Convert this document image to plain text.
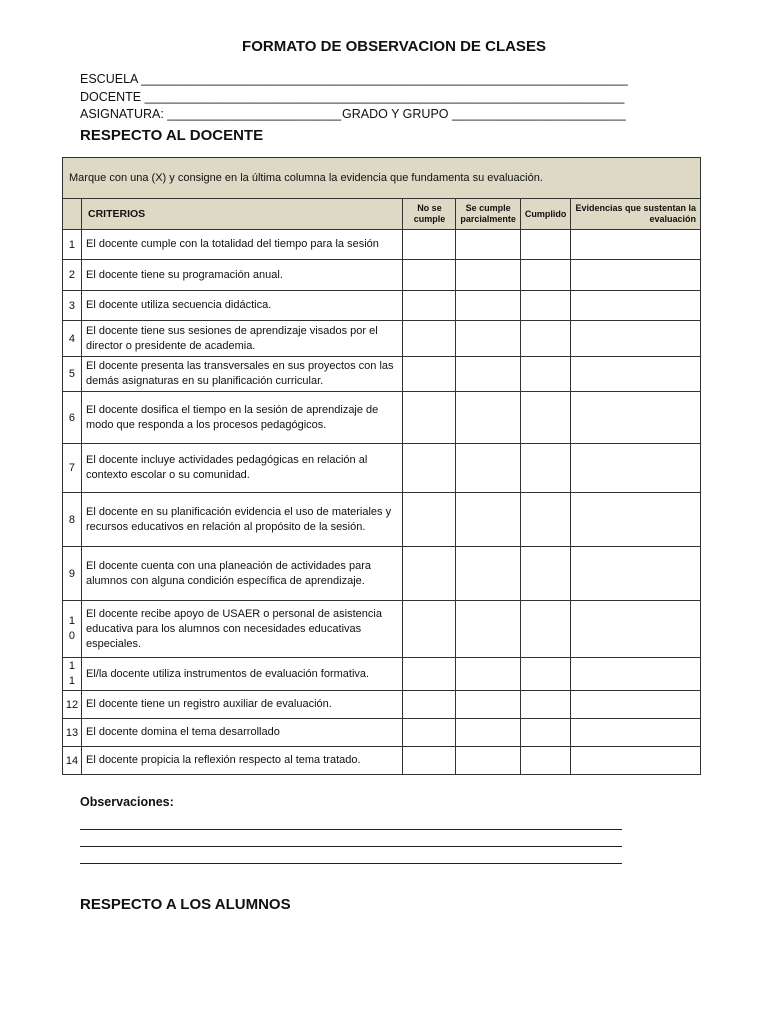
FORMATO DE OBSERVACION DE CLASES
ESCUELA ______________________________________________________________________
DOCENTE _____________________________________________________________________
ASIGNATURA: _________________________ GRADO Y GRUPO _________________________
RESPECTO AL DOCENTE
Marque con una (X) y consigne en la última columna la evidencia que fundamenta su evaluación.					
	CRITERIOS	No se cumple	Se cumple parcialmente	Cumplido	Evidencias que sustentan la evaluación
1	El docente cumple con la totalidad del tiempo para la sesión				
2	El docente tiene su programación anual.				
3	El docente utiliza secuencia didáctica.				
4	El docente tiene sus sesiones de aprendizaje visados por el director o presidente de academia.				
5	El docente presenta las transversales en sus proyectos con las demás asignaturas en su planificación curricular.				
6	El docente dosifica el tiempo en la sesión de aprendizaje de modo que responda a los procesos pedagógicos.				
7	El docente incluye actividades pedagógicas en relación al contexto escolar o su comunidad.				
8	El docente en su planificación evidencia el uso de materiales y recursos educativos en relación al propósito de la sesión.				
9	El docente cuenta con una planeación de actividades para alumnos con alguna condición específica de aprendizaje.				
1 0	El docente recibe apoyo de USAER o personal de asistencia educativa para los alumnos con necesidades educativas especiales.				
1 1	El/la docente utiliza instrumentos de evaluación formativa.				
12	El docente tiene un registro auxiliar de evaluación.				
13	El docente domina el tema desarrollado				
14	El docente propicia la reflexión respecto al tema tratado.				
Observaciones:
RESPECTO A LOS ALUMNOS
